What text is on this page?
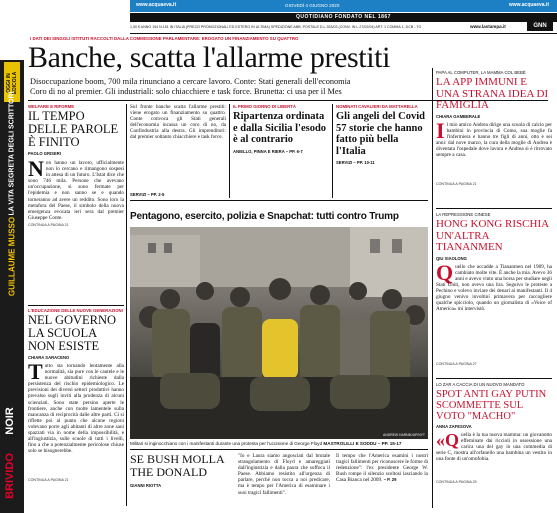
www.acquaeva.it	GIOVEDÌ 4 GIUGNO 2020	www.acquaeva.it
QUOTIDIANO FONDATO NEL 1867
1,50 € ANNO 154 N.151 IN ITALIA (PREZZI PROMOZIONALI ED ESTERO IN ULTIMA) SPEDIZIONE ABB. POSTALE D.L.353/03 (CONV. IN L.27/02/04) ART. 1 COMMA 1, DCB - TO	www.lastampa.it	GNN
OGGI IN EDICOLA
GUILLAUME MUSSO
LA VITA SEGRETA DEGLI SCRITTORI
BRIVIDO
NOIR
I DATI DEI SINGOLI ISTITUTI RACCOLTI DALLA COMMISSIONE PARLAMENTARE: EROGATO UN FINANZIAMENTO SU QUATTRO
Banche, scatta l'allarme prestiti
Disoccupazione boom, 700 mila rinunciano a cercare lavoro. Conte: Stati generali dell'economia
Coro di no al premier. Gli industriali: solo chiacchiere e task force. Brunetta: ci usa per il Mes
WELFARE E RIFORME
IL TEMPO DELLE PAROLE È FINITO
PAOLO GRISERI
Non hanno un lavoro, ufficialmente non lo cercano e rimangono sospesi in attesa di un futuro. L'Istat dice che sono 746 mila. Persone che avevano un'occupazione, si sono fermate per l'epidemia e non sanno se e quando torneranno ad avere un reddito. Sono loro la metafora del Paese, il simbolo della nuova emergenza evocata ieri sera dal premier Giuseppe Conte.
CONTINUA A PAGINA 21
L'EDUCAZIONE DELLE NUOVE GENERAZIONI
NEL GOVERNO LA SCUOLA NON ESISTE
CHIARA SARACENO
Tutto sta tornando lentamente alla normalità, sia pure con le cautele e le nuove abitudini richieste dalla persistenza del rischio epidemiologico. Le previsioni dei diversi settori produttivi hanno prevalso sugli inviti alla prudenza di alcuni scienziati. Sono state persino aperte le frontiere, anche con molte lamentele sulla mancanza di reciprocità dalle altre parti. Ci si riflette poi al punto che alcune regioni volevano porre agli abitanti di altre zone sani spazzati via in nome della impossibilità, e all'ingiustizia, sulle scuole di tutti i livelli, fino a che a potenzialmente pericolose chiuse solo se bisognerebbe.
CONTINUA A PAGINA 21
Sul fronte banche scatta l'allarme prestiti: viene erogato un finanziamento su quattro. Conte convoca gli Stati generali dell'economia incassa un coro di no, da Confindustria alla destra. Gli imprenditori: dal premier soltanto chiacchiere e task force.
SERVIZI – PP. 2-5
IL PRIMO GIORNO DI LIBERTÀ
Ripartenza ordinata e dalla Sicilia l'esodo è al contrario
ANIELLO, PINNA E RIERA – PP. 6-7
NOMINATI CAVALIERI DA MATTARELLA
Gli angeli del Covid 57 storie che hanno fatto più bella l'Italia
SERVIZI – PP. 10-11
Pentagono, esercito, polizia e Snapchat: tutti contro Trump
ANDREW HARNIK/AP/NYT
Militari si inginocchiano con i manifestanti durante una protesta per l'uccisione di George Floyd MASTROLILLI E SODDU – PP. 15-17
SE BUSH MOLLA THE DONALD
GIANNI RIOTTA
"Io e Laura siamo angosciati dal brutale strangolamento di Floyd e amareggiati dall'ingiustizia e dalla paura che soffoca il Paese. Abbiamo resistito all'urgenza di parlare, perché non tocca a noi predicare, ma è tempo per l'America di esaminare i suoi tragici fallimenti".
Il tempo che l'America esamini i nostri tragici fallimenti per riconoscere le forme di redenzione": l'ex presidente George W. Bush rompe il silenzio sceltosi lasciando la Casa Bianca nel 2009. – P. 29
PAPA AL COMPUTER, LA MAMMA COL BEBÈ
LA APP IMMUNI E UNA STRANA IDEA DI FAMIGLIA
CHIARA GAMBERALE
Il mio amico Andrea dirige una scuola di calcio per bambini in provincia di Como, sua moglie fa l'infermiera e hanno tre figli di anni, otto e sei anni: dal nove marzo, la cura della moglie di Andrea è diventata l'ospedale dove lavora e Andrea si è ritrovato sempre a casa.
CONTINUA A PAGINA 21
LA REPRESSIONE CINESE
HONG KONG RISCHIA UN'ALTRA TIANANMEN
QIU XIAOLONG
Quello che accadde a Tiananmen nel 1989, ha cambiato molte vite. È anche la mia. Avevo 36 anni e avevo vinto una borsa per studiare negli Stati Uniti, non avevo una lira. Seguivo le proteste a Pechino e volevo inviare dei denari ai manifestanti. Il 4 giugno venivo involtini primavera per raccogliere qualche spicciolo, quando un giornalista di «Voice of America» mi intervistò.
CONTINUA A PAGINA 27
LO ZAR A CACCIA DI UN NUOVO MANDATO
SPOT ANTI GAY PUTIN SCOMMETTE SUL VOTO "MACHO"
ANNA ZAFESOVA
«Quella è la tua nuova mamma: un giovanotto effeminato dai riccioli in ossessione una carica una del gay in una commedia di serie C, mostra all'orfanello una bambina un vestito in una fonte di un'omofobia.
CONTINUA A PAGINA 25
